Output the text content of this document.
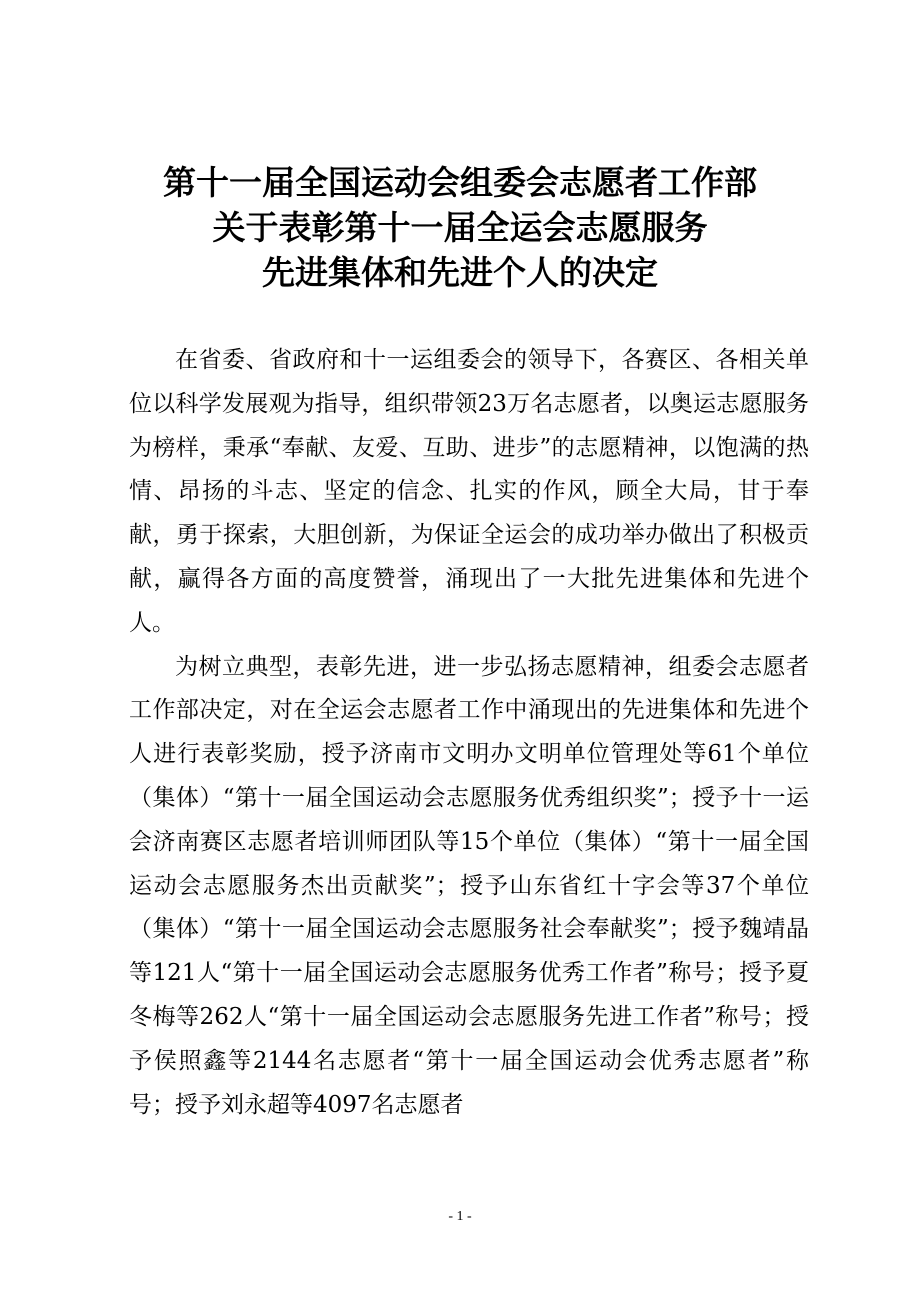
第十一届全国运动会组委会志愿者工作部
关于表彰第十一届全运会志愿服务
先进集体和先进个人的决定

在省委、省政府和十一运组委会的领导下，各赛区、各相关单位以科学发展观为指导，组织带领23万名志愿者，以奥运志愿服务为榜样，秉承“奉献、友爱、互助、进步”的志愿精神，以饱满的热情、昂扬的斗志、坚定的信念、扎实的作风，顾全大局，甘于奉献，勇于探索，大胆创新，为保证全运会的成功举办做出了积极贡献，赢得各方面的高度赞誉，涌现出了一大批先进集体和先进个人。

为树立典型，表彰先进，进一步弘扬志愿精神，组委会志愿者工作部决定，对在全运会志愿者工作中涌现出的先进集体和先进个人进行表彰奖励，授予济南市文明办文明单位管理处等61个单位（集体）“第十一届全国运动会志愿服务优秀组织奖”；授予十一运会济南赛区志愿者培训师团队等15个单位（集体）“第十一届全国运动会志愿服务杰出贡献奖”；授予山东省红十字会等37个单位（集体）“第十一届全国运动会志愿服务社会奉献奖”；授予魏靖晶等121人“第十一届全国运动会志愿服务优秀工作者”称号；授予夏冬梅等262人“第十一届全国运动会志愿服务先进工作者”称号；授予侯照鑫等2144名志愿者“第十一届全国运动会优秀志愿者”称号；授予刘永超等4097名志愿者

- 1 -
